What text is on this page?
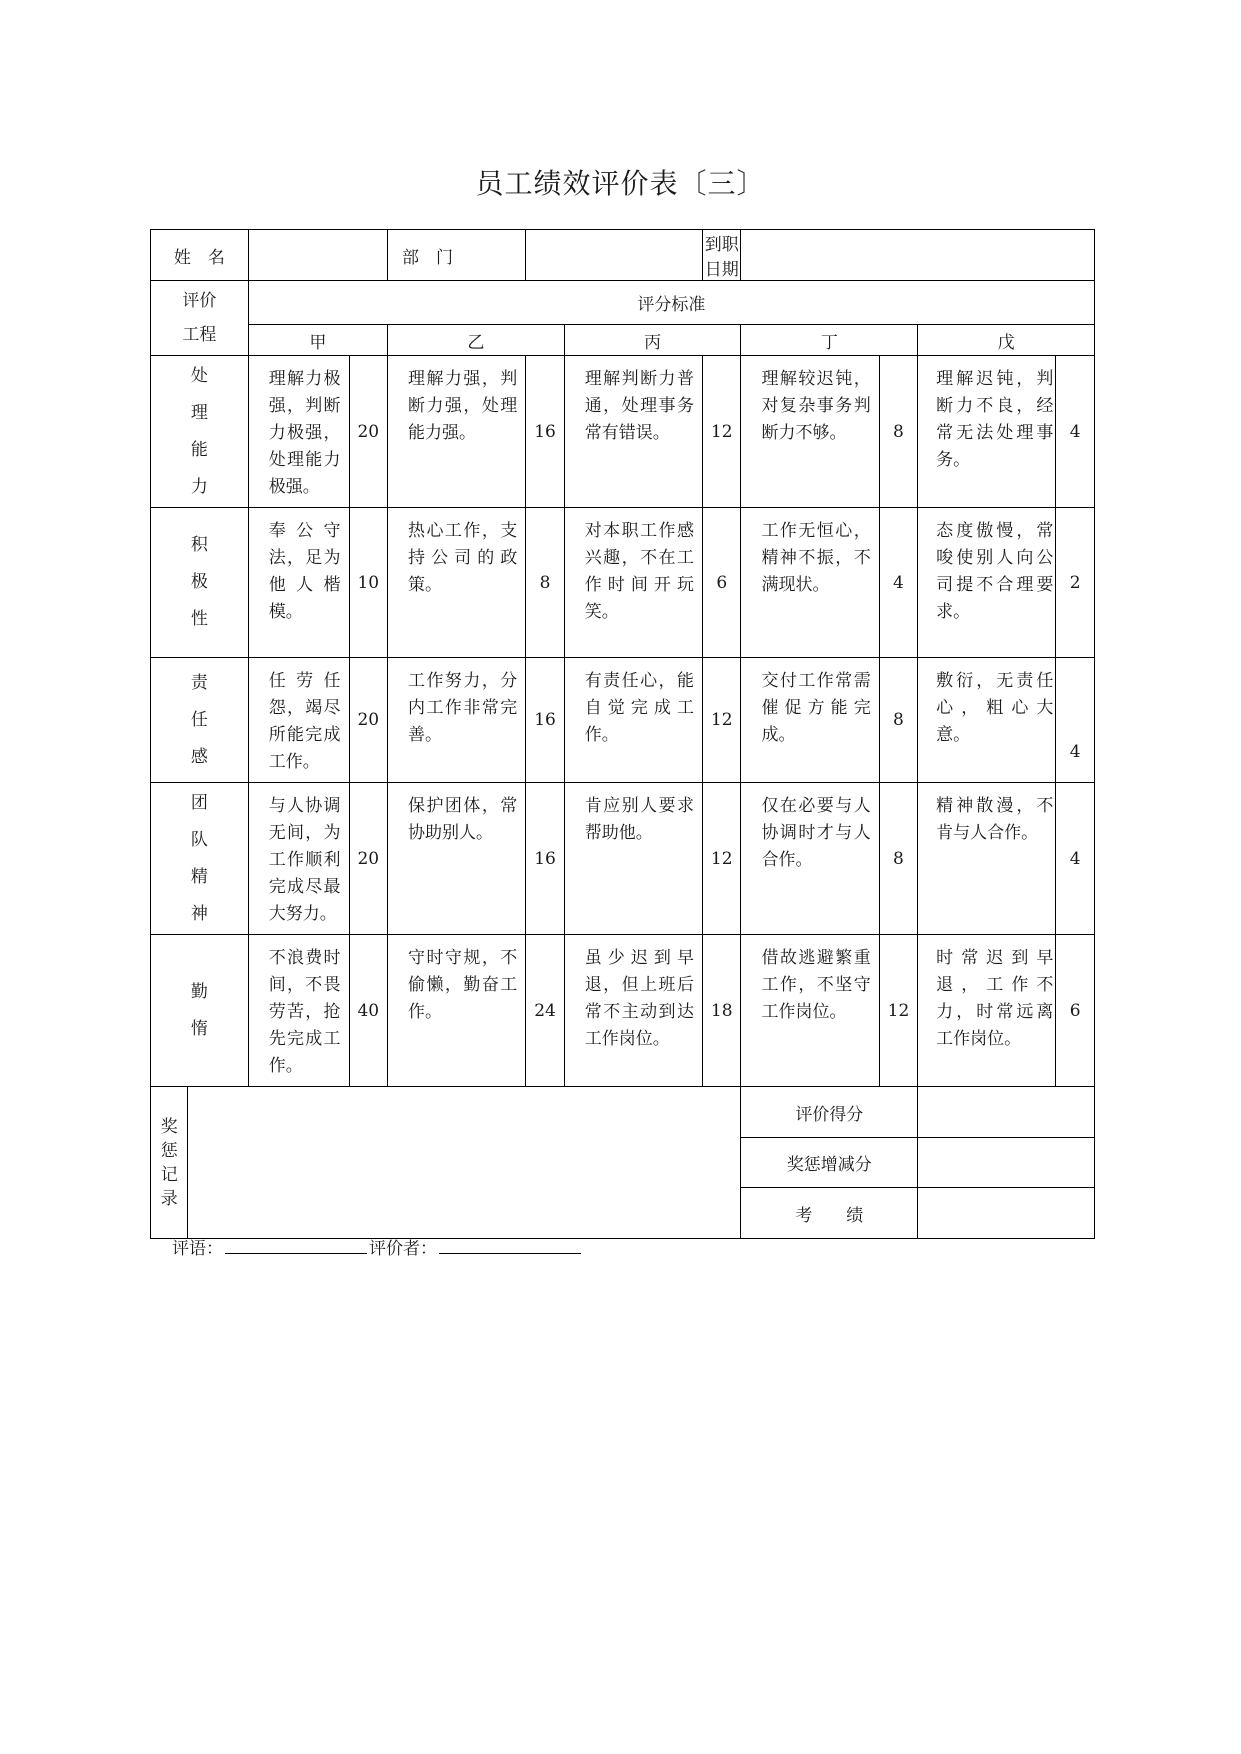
员工绩效评价表〔三〕
姓　名				部　门			到职日期				

评价
工程		评分标准									
		甲		乙		丙		丁		戊	

处
理
能
力		理解力极强，判断力极强，处理能力极强。	20	理解力强，判断力强，处理能力强。	16	理解判断力普通，处理事务常有错误。	12	理解较迟钝，对复杂事务判断力不够。	8	理解迟钝，判断力不良，经常无法处理事务。	4

积
极
性		奉公守法，足为他人楷模。	10	热心工作，支持公司的政策。	8	对本职工作感兴趣，不在工作时间开玩笑。	6	工作无恒心，精神不振，不满现状。	4	态度傲慢，常唆使别人向公司提不合理要求。	2

责
任
感		任劳任怨，竭尽所能完成工作。	20	工作努力，分内工作非常完善。	16	有责任心，能自觉完成工作。	12	交付工作常需催促方能完成。	8	敷衍，无责任心，粗心大意。	4

团
队
精
神		与人协调无间，为工作顺利完成尽最大努力。	20	保护团体，常协助别人。	16	肯应别人要求帮助他。	12	仅在必要与人协调时才与人合作。	8	精神散漫，不肯与人合作。	4

勤
惰		不浪费时间，不畏劳苦，抢先完成工作。	40	守时守规，不偷懒，勤奋工作。	24	虽少迟到早退，但上班后常不主动到达工作岗位。	18	借故逃避繁重工作，不坚守工作岗位。	12	时常迟到早退，工作不力，时常远离工作岗位。	6

奖
惩
记
录								评价得分			
								奖惩增减分			
								考　　绩			
评语：	评价者：
